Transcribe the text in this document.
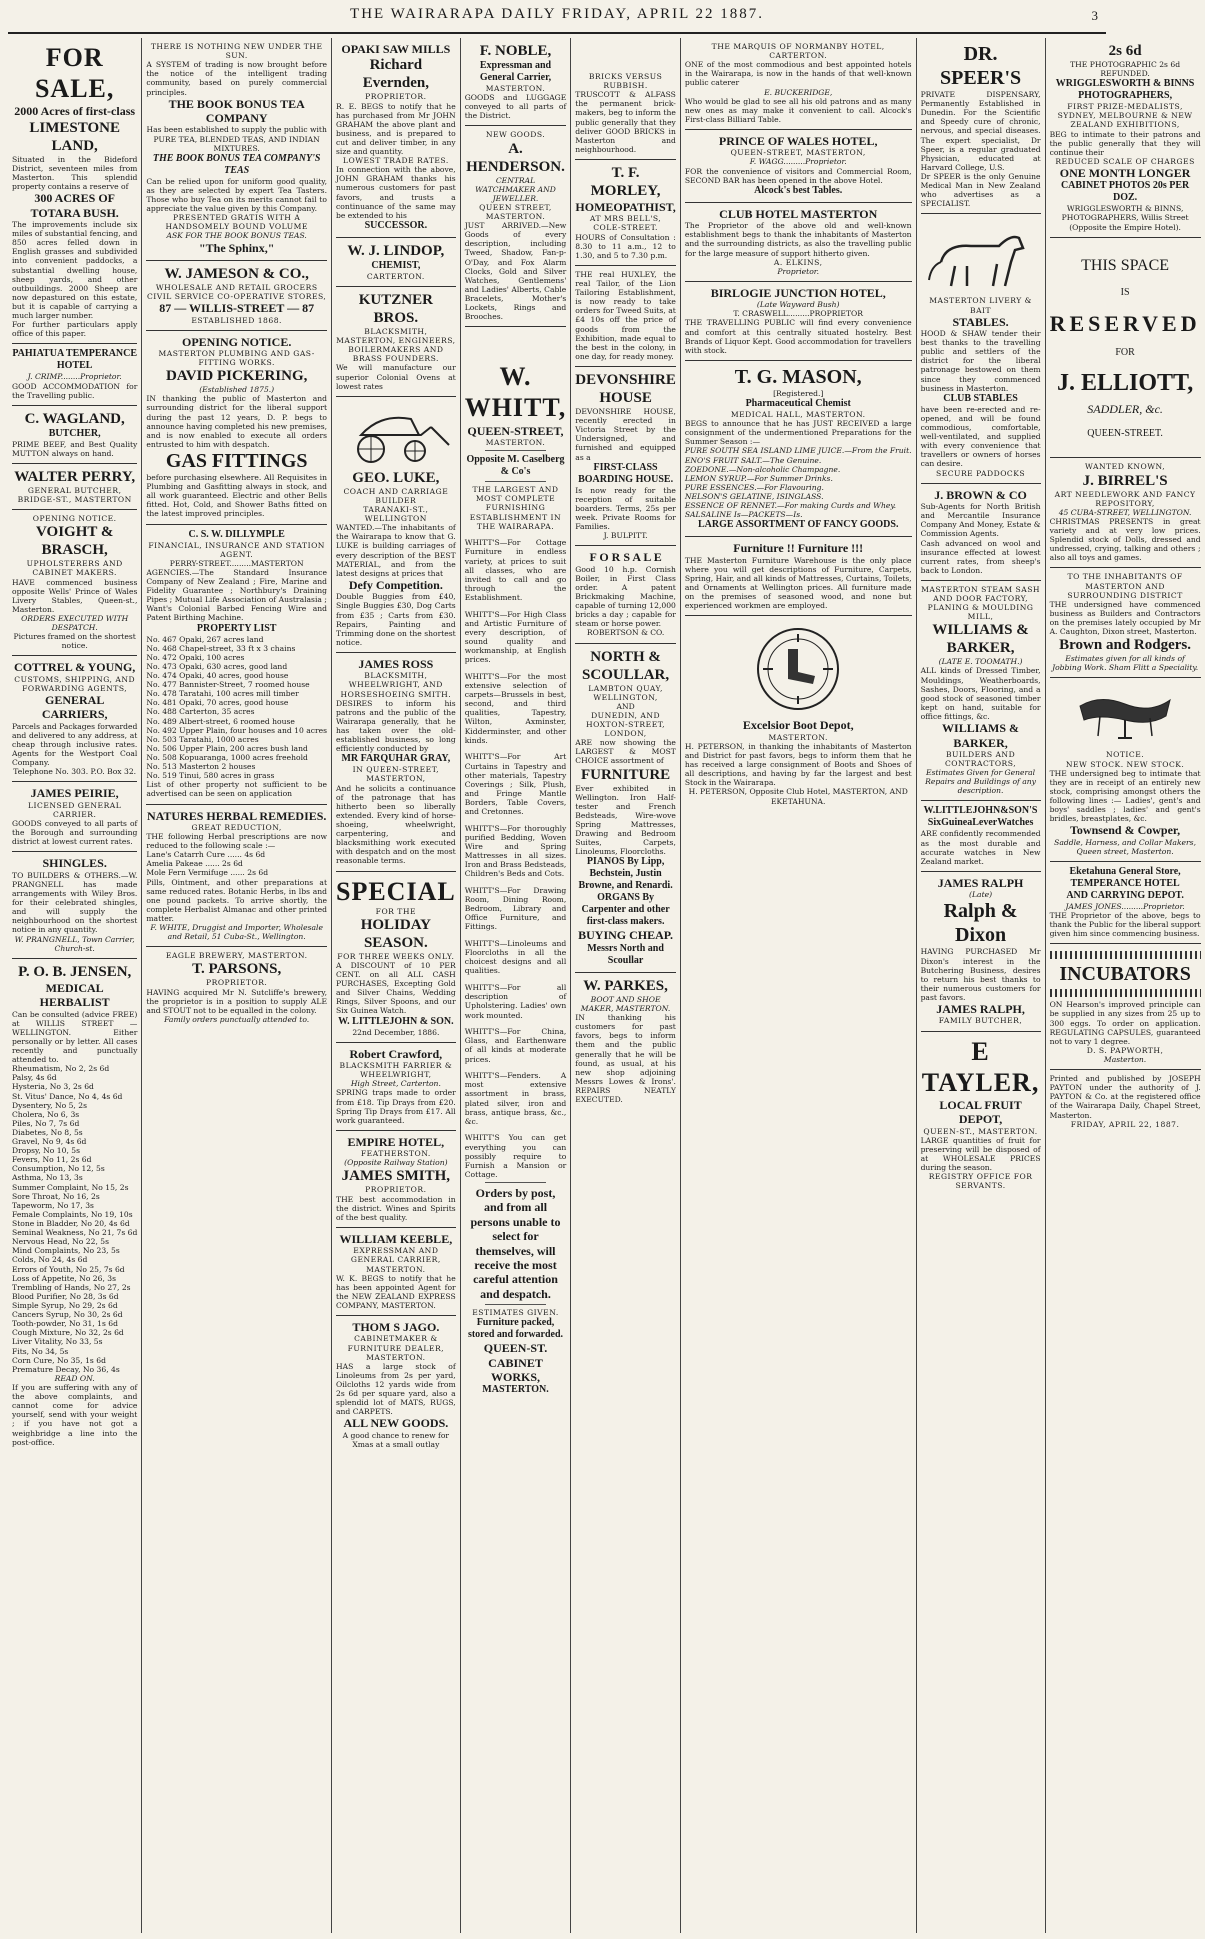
THE WAIRARAPA DAILY FRIDAY, APRIL 22 1887.	3
FOR SALE,
2000 Acres of first-class
LIMESTONE LAND,
Situated in the Bideford District, seventeen miles from Masterton. This splendid property contains a reserve of
300 ACRES OF TOTARA BUSH.
The improvements include six miles of substantial fencing, and 850 acres felled down in English grasses and subdivided into convenient paddocks, a substantial dwelling house, sheep yards, and other outbuildings. 2000 Sheep are now depastured on this estate, but it is capable of carrying a much larger number.
For further particulars apply office of this paper.
PAHIATUA TEMPERANCE HOTEL
J. CRIMP........Proprietor.
GOOD ACCOMMODATION for the Travelling public.
C. WAGLAND,
BUTCHER,
PRIME BEEF, and Best Quality MUTTON always on hand.
WALTER PERRY,
GENERAL BUTCHER, BRIDGE-ST., MASTERTON
OPENING NOTICE.
VOIGHT & BRASCH,
UPHOLSTERERS AND CABINET MAKERS.
HAVE commenced business opposite Wells' Prince of Wales Livery Stables, Queen-st., Masterton.
ORDERS EXECUTED WITH DESPATCH.
Pictures framed on the shortest notice.
COTTREL & YOUNG,
CUSTOMS, SHIPPING, AND FORWARDING AGENTS,
GENERAL CARRIERS,
Parcels and Packages forwarded and delivered to any address, at cheap through inclusive rates. Agents for the Westport Coal Company.
Telephone No. 303. P.O. Box 32.
JAMES PEIRIE,
LICENSED GENERAL CARRIER.
GOODS conveyed to all parts of the Borough and surrounding district at lowest current rates.
SHINGLES.
TO BUILDERS & OTHERS.—W. PRANGNELL has made arrangements with Wiley Bros. for their celebrated shingles, and will supply the neighbourhood on the shortest notice in any quantity.
W. PRANGNELL, Town Carrier, Church-st.
P. O. B. JENSEN,
MEDICAL HERBALIST
Can be consulted (advice FREE) at WILLIS STREET — WELLINGTON. Either personally or by letter. All cases recently and punctually attended to.
Rheumatism, No 2, 2s 6d
Palsy, 4s 6d
Hysteria, No 3, 2s 6d
St. Vitus' Dance, No 4, 4s 6d
Dysentery, No 5, 2s
Cholera, No 6, 3s
Piles, No 7, 7s 6d
Diabetes, No 8, 5s
Gravel, No 9, 4s 6d
Dropsy, No 10, 5s
Fevers, No 11, 2s 6d
Consumption, No 12, 5s
Asthma, No 13, 3s
Summer Complaint, No 15, 2s
Sore Throat, No 16, 2s
Tapeworm, No 17, 3s
Female Complaints, No 19, 10s
Stone in Bladder, No 20, 4s 6d
Seminal Weakness, No 21, 7s 6d
Nervous Head, No 22, 5s
Mind Complaints, No 23, 5s
Colds, No 24, 4s 6d
Errors of Youth, No 25, 7s 6d
Loss of Appetite, No 26, 3s
Trembling of Hands, No 27, 2s
Blood Purifier, No 28, 3s 6d
Simple Syrup, No 29, 2s 6d
Cancers Syrup, No 30, 2s 6d
Tooth-powder, No 31, 1s 6d
Cough Mixture, No 32, 2s 6d
Liver Vitality, No 33, 5s
Fits, No 34, 5s
Corn Cure, No 35, 1s 6d
Premature Decay, No 36, 4s
READ ON.
If you are suffering with any of the above complaints, and cannot come for advice yourself, send with your weight ; if you have not got a weighbridge a line into the post-office.
THERE IS NOTHING NEW UNDER THE SUN.
A SYSTEM of trading is now brought before the notice of the intelligent trading community, based on purely commercial principles.
THE BOOK BONUS TEA COMPANY
Has been established to supply the public with PURE TEA, BLENDED TEAS, AND INDIAN MIXTURES.
THE BOOK BONUS TEA COMPANY'S TEAS
Can be relied upon for uniform good quality, as they are selected by expert Tea Tasters. Those who buy Tea on its merits cannot fail to appreciate the value given by this Company.
PRESENTED GRATIS WITH A HANDSOMELY BOUND VOLUME
ASK FOR THE BOOK BONUS TEAS.
"The Sphinx,"
W. JAMESON & CO.,
WHOLESALE AND RETAIL GROCERS
CIVIL SERVICE CO-OPERATIVE STORES,
87 — WILLIS-STREET — 87
ESTABLISHED 1868.
OPENING NOTICE.
MASTERTON PLUMBING AND GAS-FITTING WORKS.
DAVID PICKERING,
(Established 1875.)
IN thanking the public of Masterton and surrounding district for the liberal support during the past 12 years, D. P. begs to announce having completed his new premises, and is now enabled to execute all orders entrusted to him with despatch.
GAS FITTINGS
before purchasing elsewhere. All Requisites in Plumbing and Gasfitting always in stock, and all work guaranteed. Electric and other Bells fitted. Hot, Cold, and Shower Baths fitted on the latest improved principles.
C. S. W. DILLYMPLE
FINANCIAL, INSURANCE AND STATION AGENT.
PERRY-STREET.........MASTERTON
AGENCIES.—The Standard Insurance Company of New Zealand ; Fire, Marine and Fidelity Guarantee ; Northbury's Draining Pipes ; Mutual Life Association of Australasia ; Want's Colonial Barbed Fencing Wire and Patent Birthing Machine.
PROPERTY LIST
No. 467 Opaki, 267 acres land
No. 468 Chapel-street, 33 ft x 3 chains
No. 472 Opaki, 100 acres
No. 473 Opaki, 630 acres, good land
No. 474 Opaki, 40 acres, good house
No. 477 Bannister-Street, 7 roomed house
No. 478 Taratahi, 100 acres mill timber
No. 481 Opaki, 70 acres, good house
No. 488 Carterton, 35 acres
No. 489 Albert-street, 6 roomed house
No. 492 Upper Plain, four houses and 10 acres
No. 503 Taratahi, 1000 acres
No. 506 Upper Plain, 200 acres bush land
No. 508 Kopuaranga, 1000 acres freehold
No. 513 Masterton 2 houses
No. 519 Tinui, 580 acres in grass
List of other property not sufficient to be advertised can be seen on application
NATURES HERBAL REMEDIES.
GREAT REDUCTION,
THE following Herbal prescriptions are now reduced to the following scale :—
Lane's Catarrh Cure ...... 4s 6d
Amelia Pakeae ...... 2s 6d
Mole Fern Vermifuge ...... 2s 6d
Pills, Ointment, and other preparations at same reduced rates. Botanic Herbs, in lbs and one pound packets. To arrive shortly, the complete Herbalist Almanac and other printed matter.
F. WHITE, Druggist and Importer, Wholesale and Retail, 51 Cuba-St., Wellington.
EAGLE BREWERY, MASTERTON.
T. PARSONS,
PROPRIETOR.
HAVING acquired Mr N. Sutcliffe's brewery, the proprietor is in a position to supply ALE and STOUT not to be equalled in the colony.
Family orders punctually attended to.
OPAKI SAW MILLS
Richard Evernden,
PROPRIETOR.
R. E. BEGS to notify that he has purchased from Mr JOHN GRAHAM the above plant and business, and is prepared to cut and deliver timber, in any size and quantity.
LOWEST TRADE RATES.
In connection with the above, JOHN GRAHAM thanks his numerous customers for past favors, and trusts a continuance of the same may be extended to his
SUCCESSOR.
W. J. LINDOP,
CHEMIST,
CARTERTON.
KUTZNER BROS.
BLACKSMITH, MASTERTON, ENGINEERS, BOILERMAKERS AND BRASS FOUNDERS.
We will manufacture our superior Colonial Ovens at lowest rates
GEO. LUKE,
COACH AND CARRIAGE BUILDER
TARANAKI-ST., WELLINGTON
WANTED.—The inhabitants of the Wairarapa to know that G. LUKE is building carriages of every description of the BEST MATERIAL, and from the latest designs at prices that
Defy Competition.
Double Buggies from £40, Single Buggies £30, Dog Carts from £35 ; Carts from £30. Repairs, Painting and Trimming done on the shortest notice.
JAMES ROSS
BLACKSMITH, WHEELWRIGHT, AND HORSESHOEING SMITH.
DESIRES to inform his patrons and the public of the Wairarapa generally, that he has taken over the old-established business, so long efficiently conducted by
MR FARQUHAR GRAY,
IN QUEEN-STREET, MASTERTON,
And he solicits a continuance of the patronage that has hitherto been so liberally extended. Every kind of horse-shoeing, wheelwright, carpentering, and blacksmithing work executed with despatch and on the most reasonable terms.
SPECIAL
FOR THE
HOLIDAY SEASON.
FOR THREE WEEKS ONLY.
A DISCOUNT of 10 PER CENT. on all ALL CASH PURCHASES, Excepting Gold and Silver Chains, Wedding Rings, Silver Spoons, and our Six Guinea Watch.
W. LITTLEJOHN & SON.
22nd December, 1886.
Robert Crawford,
BLACKSMITH FARRIER & WHEELWRIGHT,
High Street, Carterton.
SPRING traps made to order from £18. Tip Drays from £20. Spring Tip Drays from £17. All work guaranteed.
EMPIRE HOTEL,
FEATHERSTON.
(Opposite Railway Station)
JAMES SMITH,
PROPRIETOR.
THE best accommodation in the district. Wines and Spirits of the best quality.
WILLIAM KEEBLE,
EXPRESSMAN AND GENERAL CARRIER, MASTERTON.
W. K. BEGS to notify that he has been appointed Agent for the NEW ZEALAND EXPRESS COMPANY, MASTERTON.
THOM S JAGO.
CABINETMAKER & FURNITURE DEALER,
MASTERTON.
HAS a large stock of Linoleums from 2s per yard, Oilcloths 12 yards wide from 2s 6d per square yard, also a splendid lot of MATS, RUGS, and CARPETS.
ALL NEW GOODS.
A good chance to renew for Xmas at a small outlay
F. NOBLE,
Expressman and General Carrier,
MASTERTON.
GOODS and LUGGAGE conveyed to all parts of the District.
NEW GOODS.
A. HENDERSON.
CENTRAL WATCHMAKER AND JEWELLER.
QUEEN STREET, MASTERTON.
JUST ARRIVED.—New Goods of every description, including Tweed, Shadow, Fan-p-O'Day, and Fox Alarm Clocks, Gold and Silver Watches, Gentlemens' and Ladies' Alberts, Cable Bracelets, Mother's Lockets, Rings and Brooches.
W. WHITT,
QUEEN-STREET,
MASTERTON.
Opposite M. Caselberg & Co's
THE LARGEST AND MOST COMPLETE FURNISHING ESTABLISHMENT IN THE WAIRARAPA.

WHITT'S—For Cottage Furniture in endless variety, at prices to suit all classes, who are invited to call and go through the Establishment.

WHITT'S—For High Class and Artistic Furniture of every description, of sound quality and workmanship, at English prices.

WHITT'S—For the most extensive selection of carpets—Brussels in best, second, and third qualities, Tapestry, Wilton, Axminster, Kidderminster, and other kinds.

WHITT'S—For Art Curtains in Tapestry and other materials, Tapestry Coverings ; Silk, Plush, and Fringe Mantle Borders, Table Covers, and Cretonnes.

WHITT'S—For thoroughly purified Bedding, Woven Wire and Spring Mattresses in all sizes. Iron and Brass Bedsteads, Children's Beds and Cots.

WHITT'S—For Drawing Room, Dining Room, Bedroom, Library and Office Furniture, and Fittings.

WHITT'S—Linoleums and Floorcloths in all the choicest designs and all qualities.

WHITT'S—For all description of Upholstering. Ladies' own work mounted.

WHITT'S—For China, Glass, and Earthenware of all kinds at moderate prices.

WHITT'S—Fenders. A most extensive assortment in brass, plated silver, iron and brass, antique brass, &c., &c.

WHITT'S You can get everything you can possibly require to Furnish a Mansion or Cottage.
Orders by post, and from all persons unable to select for themselves, will receive the most careful attention and despatch.
ESTIMATES GIVEN.
Furniture packed, stored and forwarded.
QUEEN-ST. CABINET WORKS,
MASTERTON.
BRICKS VERSUS RUBBISH.
TRUSCOTT & ALFASS the permanent brick-makers, beg to inform the public generally that they deliver GOOD BRICKS in Masterton and neighbourhood.
T. F. MORLEY,
HOMEOPATHIST,
AT MRS BELL'S, COLE-STREET.
HOURS of Consultation : 8.30 to 11 a.m., 12 to 1.30, and 5 to 7.30 p.m.
THE real HUXLEY, the real Tailor, of the Lion Tailoring Establishment, is now ready to take orders for Tweed Suits, at £4 10s off the price of goods from the Exhibition, made equal to the best in the colony, in one day, for ready money.
DEVONSHIRE HOUSE
DEVONSHIRE HOUSE, recently erected in Victoria Street by the Undersigned, and furnished and equipped as a
FIRST-CLASS BOARDING HOUSE.
Is now ready for the reception of suitable boarders. Terms, 25s per week. Private Rooms for Families.
J. BULPITT.
F O R S A L E
Good 10 h.p. Cornish Boiler, in First Class order. A patent Brickmaking Machine, capable of turning 12,000 bricks a day ; capable for steam or horse power.
ROBERTSON & CO.
NORTH & SCOULLAR,
LAMBTON QUAY, WELLINGTON,
AND
DUNEDIN, AND HOXTON-STREET,
LONDON,
ARE now showing the LARGEST & MOST CHOICE assortment of
FURNITURE
Ever exhibited in Wellington. Iron Half-tester and French Bedsteads, Wire-wove Spring Mattresses, Drawing and Bedroom Suites, Carpets, Linoleums, Floorcloths.
PIANOS By Lipp, Bechstein, Justin Browne, and Renardi.
ORGANS By Carpenter and other first-class makers.
BUYING CHEAP.
Messrs North and Scoullar
W. PARKES,
BOOT AND SHOE MAKER, MASTERTON.
IN thanking his customers for past favors, begs to inform them and the public generally that he will be found, as usual, at his new shop adjoining Messrs Lowes & Irons'. REPAIRS NEATLY EXECUTED.
THE MARQUIS OF NORMANBY HOTEL, CARTERTON.
ONE of the most commodious and best appointed hotels in the Wairarapa, is now in the hands of that well-known public caterer
E. BUCKERIDGE,
Who would be glad to see all his old patrons and as many new ones as may make it convenient to call. Alcock's First-class Billiard Table.
PRINCE OF WALES HOTEL,
QUEEN-STREET, MASTERTON,
F. WAGG.........Proprietor.
FOR the convenience of visitors and Commercial Room, SECOND BAR has been opened in the above Hotel.
Alcock's best Tables.
CLUB HOTEL MASTERTON
The Proprietor of the above old and well-known establishment begs to thank the inhabitants of Masterton and the surrounding districts, as also the travelling public for the large measure of support hitherto given.
A. ELKINS,
Proprietor.
BIRLOGIE JUNCTION HOTEL,
(Late Wayward Bush)
T. CRASWELL.........PROPRIETOR
THE TRAVELLING PUBLIC will find every convenience and comfort at this centrally situated hostelry. Best Brands of Liquor Kept. Good accommodation for travellers with stock.
T. G. MASON,
[Registered.]
Pharmaceutical Chemist
MEDICAL HALL, MASTERTON.
BEGS to announce that he has JUST RECEIVED a large consignment of the undermentioned Preparations for the Summer Season :—
PURE SOUTH SEA ISLAND LIME JUICE.—From the Fruit.
ENO'S FRUIT SALT.—The Genuine.
ZOEDONE.—Non-alcoholic Champagne.
LEMON SYRUP.—For Summer Drinks.
PURE ESSENCES.—For Flavouring.
NELSON'S GELATINE, ISINGLASS.
ESSENCE OF RENNET.—For making Curds and Whey.
SALSALINE Is—PACKETS—Is.
LARGE ASSORTMENT OF FANCY GOODS.
Furniture !! Furniture !!!
THE Masterton Furniture Warehouse is the only place where you will get descriptions of Furniture, Carpets, Spring, Hair, and all kinds of Mattresses, Curtains, Toilets, and Ornaments at Wellington prices. All furniture made on the premises of seasoned wood, and none but experienced workmen are employed.
Excelsior Boot Depot,
MASTERTON.
H. PETERSON, in thanking the inhabitants of Masterton and District for past favors, begs to inform them that he has received a large consignment of Boots and Shoes of all descriptions, and having by far the largest and best Stock in the Wairarapa.
H. PETERSON, Opposite Club Hotel, MASTERTON, AND EKETAHUNA.
DR. SPEER'S
PRIVATE DISPENSARY, Permanently Established in Dunedin. For the Scientific and Speedy cure of chronic, nervous, and special diseases. The expert specialist, Dr Speer, is a regular graduated Physician, educated at Harvard College, U.S.
Dr SPEER is the only Genuine Medical Man in New Zealand who advertises as a SPECIALIST.
MASTERTON LIVERY & BAIT
STABLES.
HOOD & SHAW tender their best thanks to the travelling public and settlers of the district for the liberal patronage bestowed on them since they commenced business in Masterton.
CLUB STABLES
have been re-erected and re-opened, and will be found commodious, comfortable, well-ventilated, and supplied with every convenience that travellers or owners of horses can desire.
SECURE PADDOCKS
J. BROWN & CO
Sub-Agents for North British and Mercantile Insurance Company And Money, Estate & Commission Agents.
Cash advanced on wool and insurance effected at lowest current rates, from sheep's back to London.
MASTERTON STEAM SASH AND DOOR FACTORY, PLANING & MOULDING MILL,
WILLIAMS & BARKER,
(LATE E. TOOMATH.)
ALL kinds of Dressed Timber, Mouldings, Weatherboards, Sashes, Doors, Flooring, and a good stock of seasoned timber kept on hand, suitable for office fittings, &c.
WILLIAMS & BARKER,
BUILDERS AND CONTRACTORS,
Estimates Given for General Repairs and Buildings of any description.
W.LITTLEJOHN&SON'S
SixGuineaLeverWatches
ARE confidently recommended as the most durable and accurate watches in New Zealand market.
JAMES RALPH
(Late)
Ralph & Dixon
HAVING PURCHASED Mr Dixon's interest in the Butchering Business, desires to return his best thanks to their numerous customers for past favors.
JAMES RALPH,
FAMILY BUTCHER,
E TAYLER,
LOCAL FRUIT DEPOT,
QUEEN-ST., MASTERTON.
LARGE quantities of fruit for preserving will be disposed of at WHOLESALE PRICES during the season.
REGISTRY OFFICE FOR SERVANTS.
2s 6d
THE PHOTOGRAPHIC 2s 6d REFUNDED.
WRIGGLESWORTH & BINNS PHOTOGRAPHERS,
FIRST PRIZE-MEDALISTS, SYDNEY, MELBOURNE & NEW ZEALAND EXHIBITIONS,
BEG to intimate to their patrons and the public generally that they will continue their
REDUCED SCALE OF CHARGES
ONE MONTH LONGER
CABINET PHOTOS 20s PER DOZ.
WRIGGLESWORTH & BINNS, PHOTOGRAPHERS, Willis Street (Opposite the Empire Hotel).
THIS SPACE
IS
RESERVED
FOR
J. ELLIOTT,
SADDLER, &c.
QUEEN-STREET.
WANTED KNOWN,
J. BIRREL'S
ART NEEDLEWORK AND FANCY REPOSITORY,
45 CUBA-STREET, WELLINGTON.
CHRISTMAS PRESENTS in great variety and at very low prices. Splendid stock of Dolls, dressed and undressed, crying, talking and others ; also all toys and games.
TO THE INHABITANTS OF MASTERTON AND SURROUNDING DISTRICT
THE undersigned have commenced business as Builders and Contractors on the premises lately occupied by Mr A. Caughton, Dixon street, Masterton.
Brown and Rodgers.
Estimates given for all kinds of Jobbing Work. Sham Flitt a Speciality.
NOTICE.
NEW STOCK. NEW STOCK.
THE undersigned beg to intimate that they are in receipt of an entirely new stock, comprising amongst others the following lines :— Ladies', gent's and boys' saddles ; ladies' and gent's bridles, breastplates, &c.
Townsend & Cowper,
Saddle, Harness, and Collar Makers, Queen street, Masterton.
Eketahuna General Store, TEMPERANCE HOTEL
AND CARRYING DEPOT.
JAMES JONES.........Proprietor.
THE Proprietor of the above, begs to thank the Public for the liberal support given him since commencing business.
INCUBATORS
ON Hearson's improved principle can be supplied in any sizes from 25 up to 300 eggs. To order on application. REGULATING CAPSULES, guaranteed not to vary 1 degree.
D. S. PAPWORTH,
Masterton.
Printed and published by JOSEPH PAYTON under the authority of J. PAYTON & Co. at the registered office of the Wairarapa Daily, Chapel Street, Masterton.
FRIDAY, APRIL 22, 1887.
